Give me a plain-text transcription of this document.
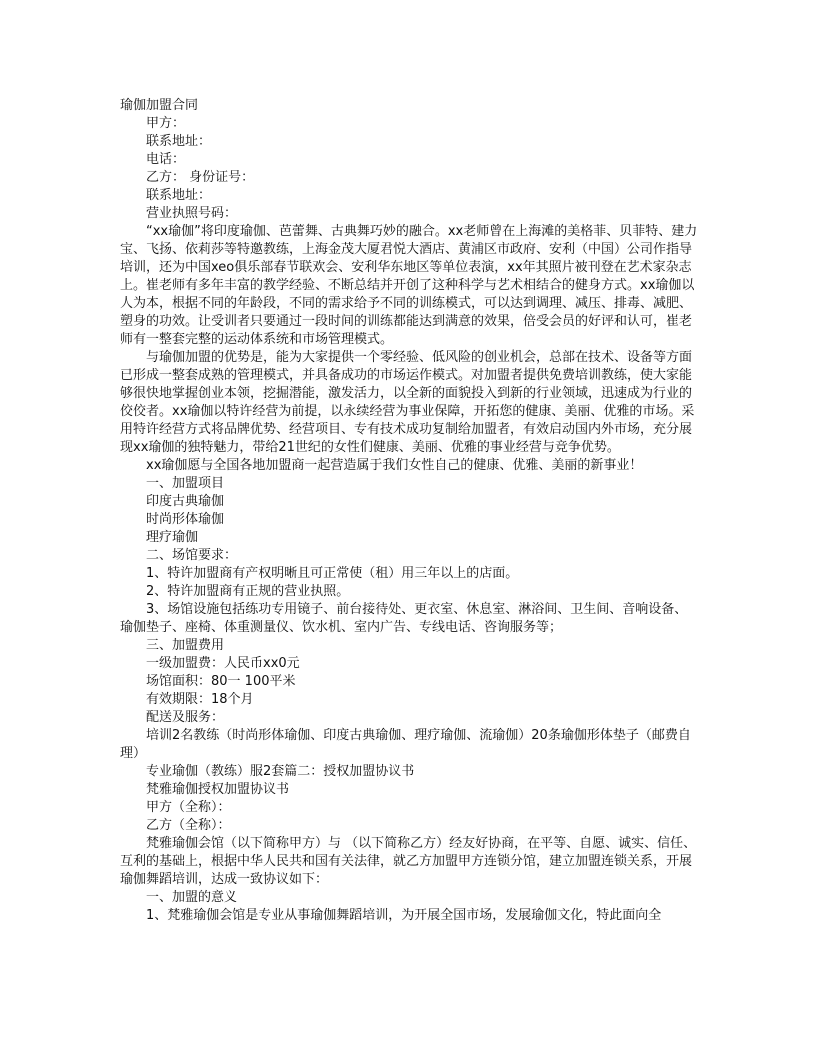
瑜伽加盟合同

甲方：

联系地址：

电话：

乙方： 身份证号：

联系地址：

营业执照号码：

“xx瑜伽”将印度瑜伽、芭蕾舞、古典舞巧妙的融合。xx老师曾在上海滩的美格菲、贝菲特、建力宝、飞扬、依莉莎等特邀教练，上海金茂大厦君悦大酒店、黄浦区市政府、安利（中国）公司作指导培训，还为中国xeo俱乐部春节联欢会、安利华东地区等单位表演，xx年其照片被刊登在艺术家杂志上。崔老师有多年丰富的教学经验、不断总结并开创了这种科学与艺术相结合的健身方式。xx瑜伽以人为本，根据不同的年龄段，不同的需求给予不同的训练模式，可以达到调理、减压、排毒、减肥、塑身的功效。让受训者只要通过一段时间的训练都能达到满意的效果，倍受会员的好评和认可，崔老师有一整套完整的运动体系统和市场管理模式。

与瑜伽加盟的优势是，能为大家提供一个零经验、低风险的创业机会，总部在技术、设备等方面已形成一整套成熟的管理模式，并具备成功的市场运作模式。对加盟者提供免费培训教练，使大家能够很快地掌握创业本领，挖掘潜能，激发活力，以全新的面貌投入到新的行业领域，迅速成为行业的佼佼者。xx瑜伽以特许经营为前提，以永续经营为事业保障，开拓您的健康、美丽、优雅的市场。采用特许经营方式将品牌优势、经营项目、专有技术成功复制给加盟者，有效启动国内外市场，充分展现xx瑜伽的独特魅力，带给21世纪的女性们健康、美丽、优雅的事业经营与竞争优势。

xx瑜伽愿与全国各地加盟商一起营造属于我们女性自己的健康、优雅、美丽的新事业！

一、加盟项目

印度古典瑜伽

时尚形体瑜伽

理疗瑜伽

二、场馆要求：

1、特许加盟商有产权明晰且可正常使（租）用三年以上的店面。

2、特许加盟商有正规的营业执照。

3、场馆设施包括练功专用镜子、前台接待处、更衣室、休息室、淋浴间、卫生间、音响设备、瑜伽垫子、座椅、体重测量仪、饮水机、室内广告、专线电话、咨询服务等；

三、加盟费用

一级加盟费：人民币xx0元

场馆面积：80一 100平米

有效期限：18个月

配送及服务：

培训2名教练（时尚形体瑜伽、印度古典瑜伽、理疗瑜伽、流瑜伽）20条瑜伽形体垫子（邮费自理）

专业瑜伽（教练）服2套篇二：授权加盟协议书

梵雅瑜伽授权加盟协议书

甲方（全称）：

乙方（全称）：

梵雅瑜伽会馆（以下简称甲方）与 （以下简称乙方）经友好协商，在平等、自愿、诚实、信任、互利的基础上，根据中华人民共和国有关法律，就乙方加盟甲方连锁分馆，建立加盟连锁关系，开展瑜伽舞蹈培训，达成一致协议如下：

一、加盟的意义

1、梵雅瑜伽会馆是专业从事瑜伽舞蹈培训，为开展全国市场，发展瑜伽文化，特此面向全
